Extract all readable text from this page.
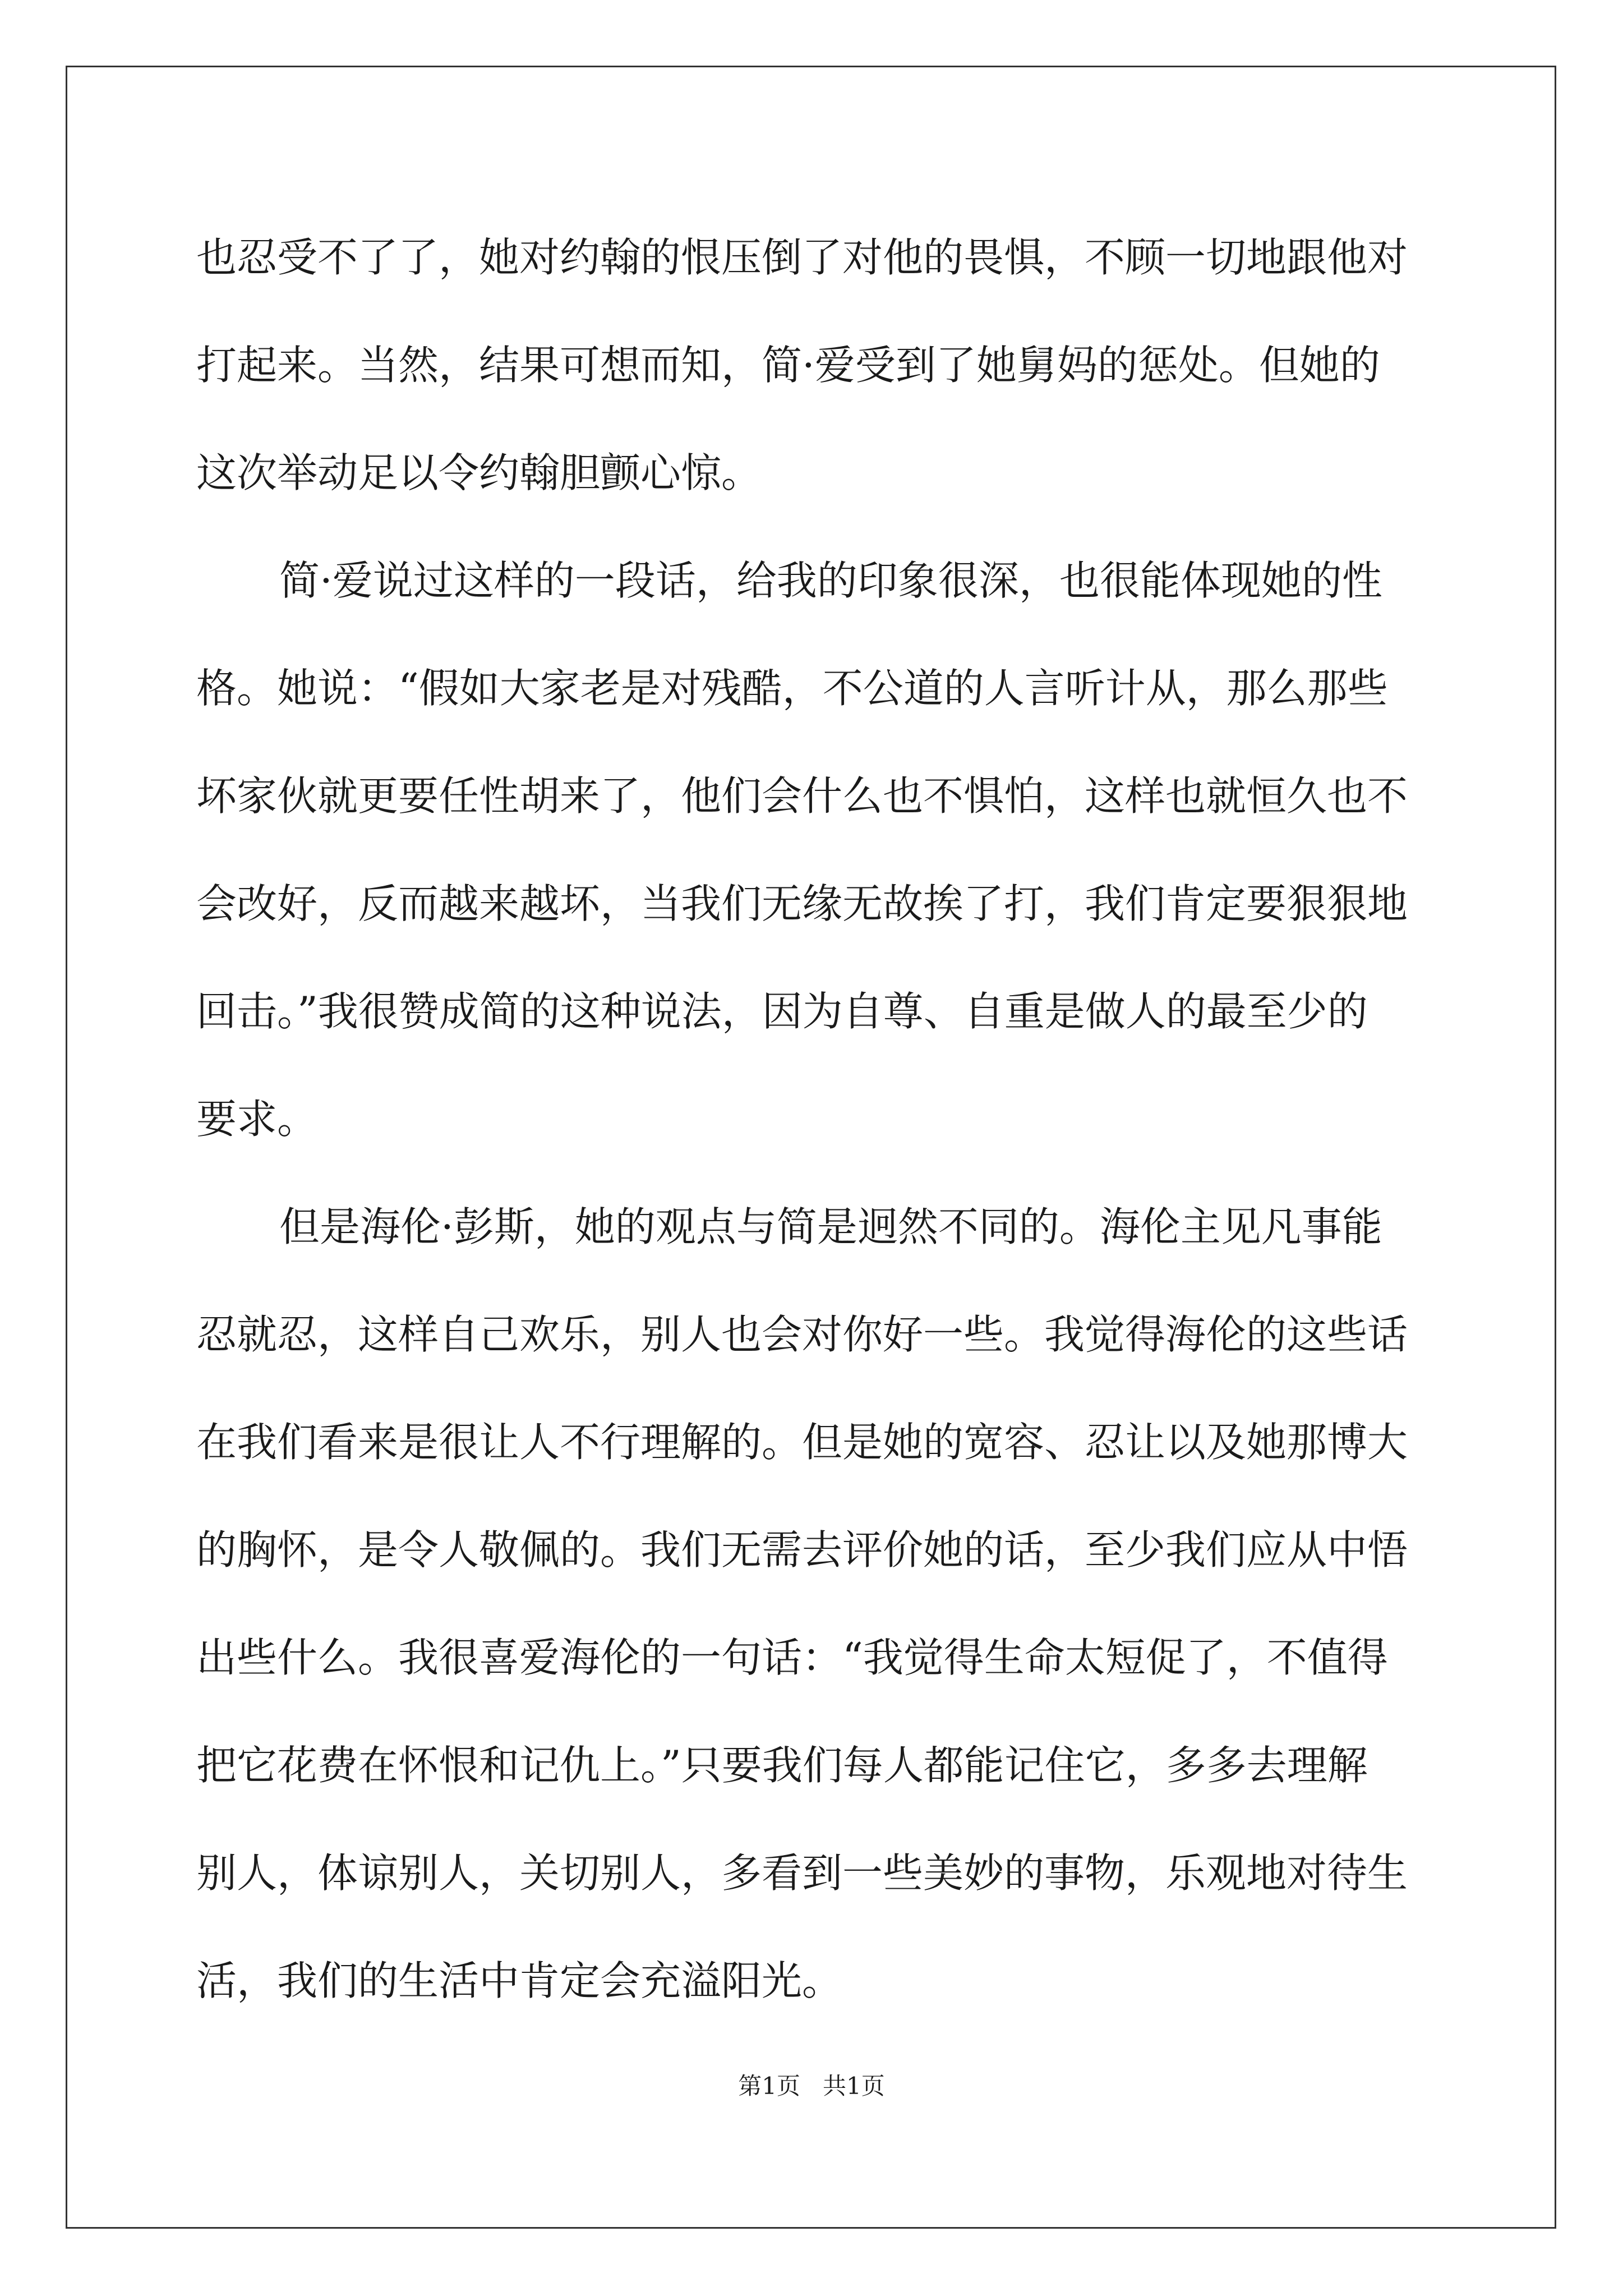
也忍受不了了，她对约翰的恨压倒了对他的畏惧，不顾一切地跟他对
打起来。当然，结果可想而知，简·爱受到了她舅妈的惩处。但她的
这次举动足以令约翰胆颤心惊。
简·爱说过这样的一段话，给我的印象很深，也很能体现她的性
格。她说：“假如大家老是对残酷，不公道的人言听计从，那么那些
坏家伙就更要任性胡来了，他们会什么也不惧怕，这样也就恒久也不
会改好，反而越来越坏，当我们无缘无故挨了打，我们肯定要狠狠地
回击。”我很赞成简的这种说法，因为自尊、自重是做人的最至少的
要求。
但是海伦·彭斯，她的观点与简是迥然不同的。海伦主见凡事能
忍就忍，这样自己欢乐，别人也会对你好一些。我觉得海伦的这些话
在我们看来是很让人不行理解的。但是她的宽容、忍让以及她那博大
的胸怀，是令人敬佩的。我们无需去评价她的话，至少我们应从中悟
出些什么。我很喜爱海伦的一句话：“我觉得生命太短促了，不值得
把它花费在怀恨和记仇上。”只要我们每人都能记住它，多多去理解
别人，体谅别人，关切别人，多看到一些美妙的事物，乐观地对待生
活，我们的生活中肯定会充溢阳光。
第1页 共1页
